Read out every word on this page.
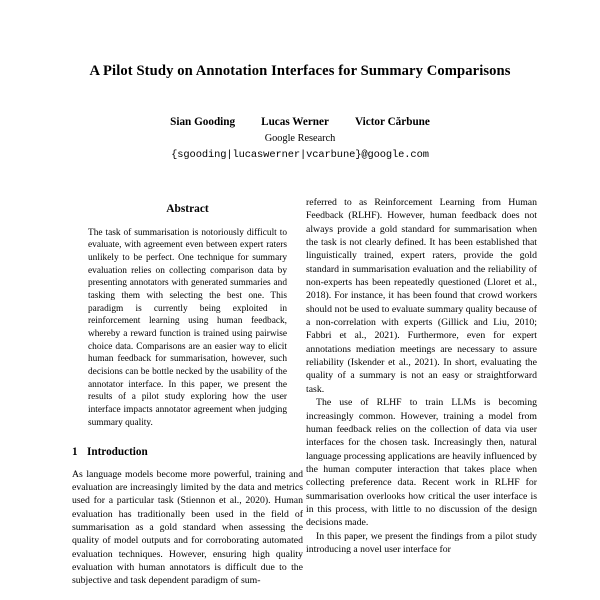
A Pilot Study on Annotation Interfaces for Summary Comparisons
Sian Gooding Lucas Werner Victor Cărbune
Google Research
{sgooding|lucaswerner|vcarbune}@google.com
Abstract

The task of summarisation is notoriously difficult to evaluate, with agreement even between expert raters unlikely to be perfect. One technique for summary evaluation relies on collecting comparison data by presenting annotators with generated summaries and tasking them with selecting the best one. This paradigm is currently being exploited in reinforcement learning using human feedback, whereby a reward function is trained using pairwise choice data. Comparisons are an easier way to elicit human feedback for summarisation, however, such decisions can be bottle necked by the usability of the annotator interface. In this paper, we present the results of a pilot study exploring how the user interface impacts annotator agreement when judging summary quality.

1 Introduction

As language models become more powerful, training and evaluation are increasingly limited by the data and metrics used for a particular task (Stiennon et al., 2020). Human evaluation has traditionally been used in the field of summarisation as a gold standard when assessing the quality of model outputs and for corroborating automated evaluation techniques. However, ensuring high quality evaluation with human annotators is difficult due to the subjective and task dependent paradigm of sum-

referred to as Reinforcement Learning from Human Feedback (RLHF). However, human feedback does not always provide a gold standard for summarisation when the task is not clearly defined. It has been established that linguistically trained, expert raters, provide the gold standard in summarisation evaluation and the reliability of non-experts has been repeatedly questioned (Lloret et al., 2018). For instance, it has been found that crowd workers should not be used to evaluate summary quality because of a non-correlation with experts (Gillick and Liu, 2010; Fabbri et al., 2021). Furthermore, even for expert annotations mediation meetings are necessary to assure reliability (Iskender et al., 2021). In short, evaluating the quality of a summary is not an easy or straightforward task.

The use of RLHF to train LLMs is becoming increasingly common. However, training a model from human feedback relies on the collection of data via user interfaces for the chosen task. Increasingly then, natural language processing applications are heavily influenced by the human computer interaction that takes place when collecting preference data. Recent work in RLHF for summarisation overlooks how critical the user interface is in this process, with little to no discussion of the design decisions made.

In this paper, we present the findings from a pilot study introducing a novel user interface for
